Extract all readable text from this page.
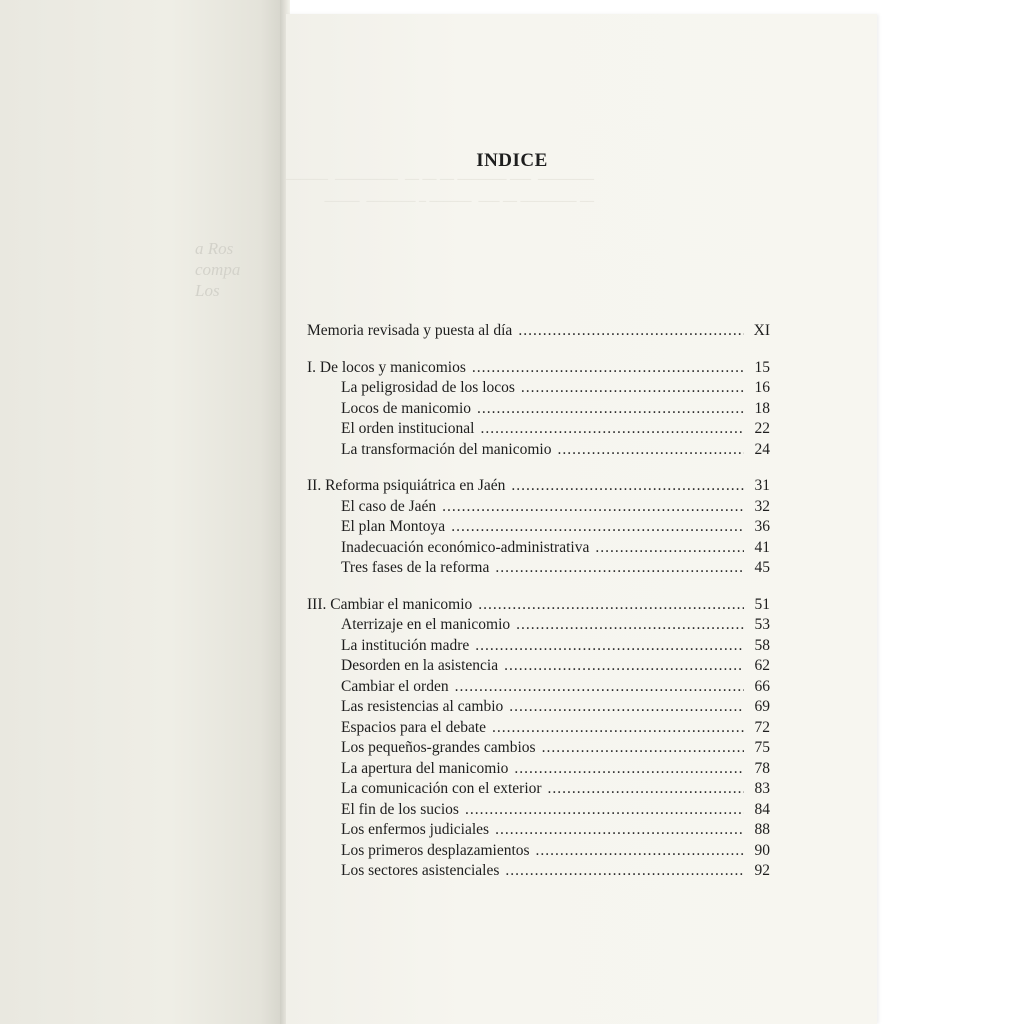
a Ros
compa
Los
________  ___ _______ __ __ __  _________  ______
__ ________ __ ___  ______ _ _______  _____
INDICE
Memoria revisada y puesta al día .....	XI
I. De locos y manicomios .....	15
La peligrosidad de los locos .....	16
Locos de manicomio .....	18
El orden institucional .....	22
La transformación del manicomio .....	24
II. Reforma psiquiátrica en Jaén .....	31
El caso de Jaén .....	32
El plan Montoya .....	36
Inadecuación económico-administrativa .....	41
Tres fases de la reforma .....	45
III. Cambiar el manicomio .....	51
Aterrizaje en el manicomio .....	53
La institución madre .....	58
Desorden en la asistencia .....	62
Cambiar el orden .....	66
Las resistencias al cambio .....	69
Espacios para el debate .....	72
Los pequeños-grandes cambios .....	75
La apertura del manicomio .....	78
La comunicación con el exterior .....	83
El fin de los sucios .....	84
Los enfermos judiciales .....	88
Los primeros desplazamientos .....	90
Los sectores asistenciales .....	92
